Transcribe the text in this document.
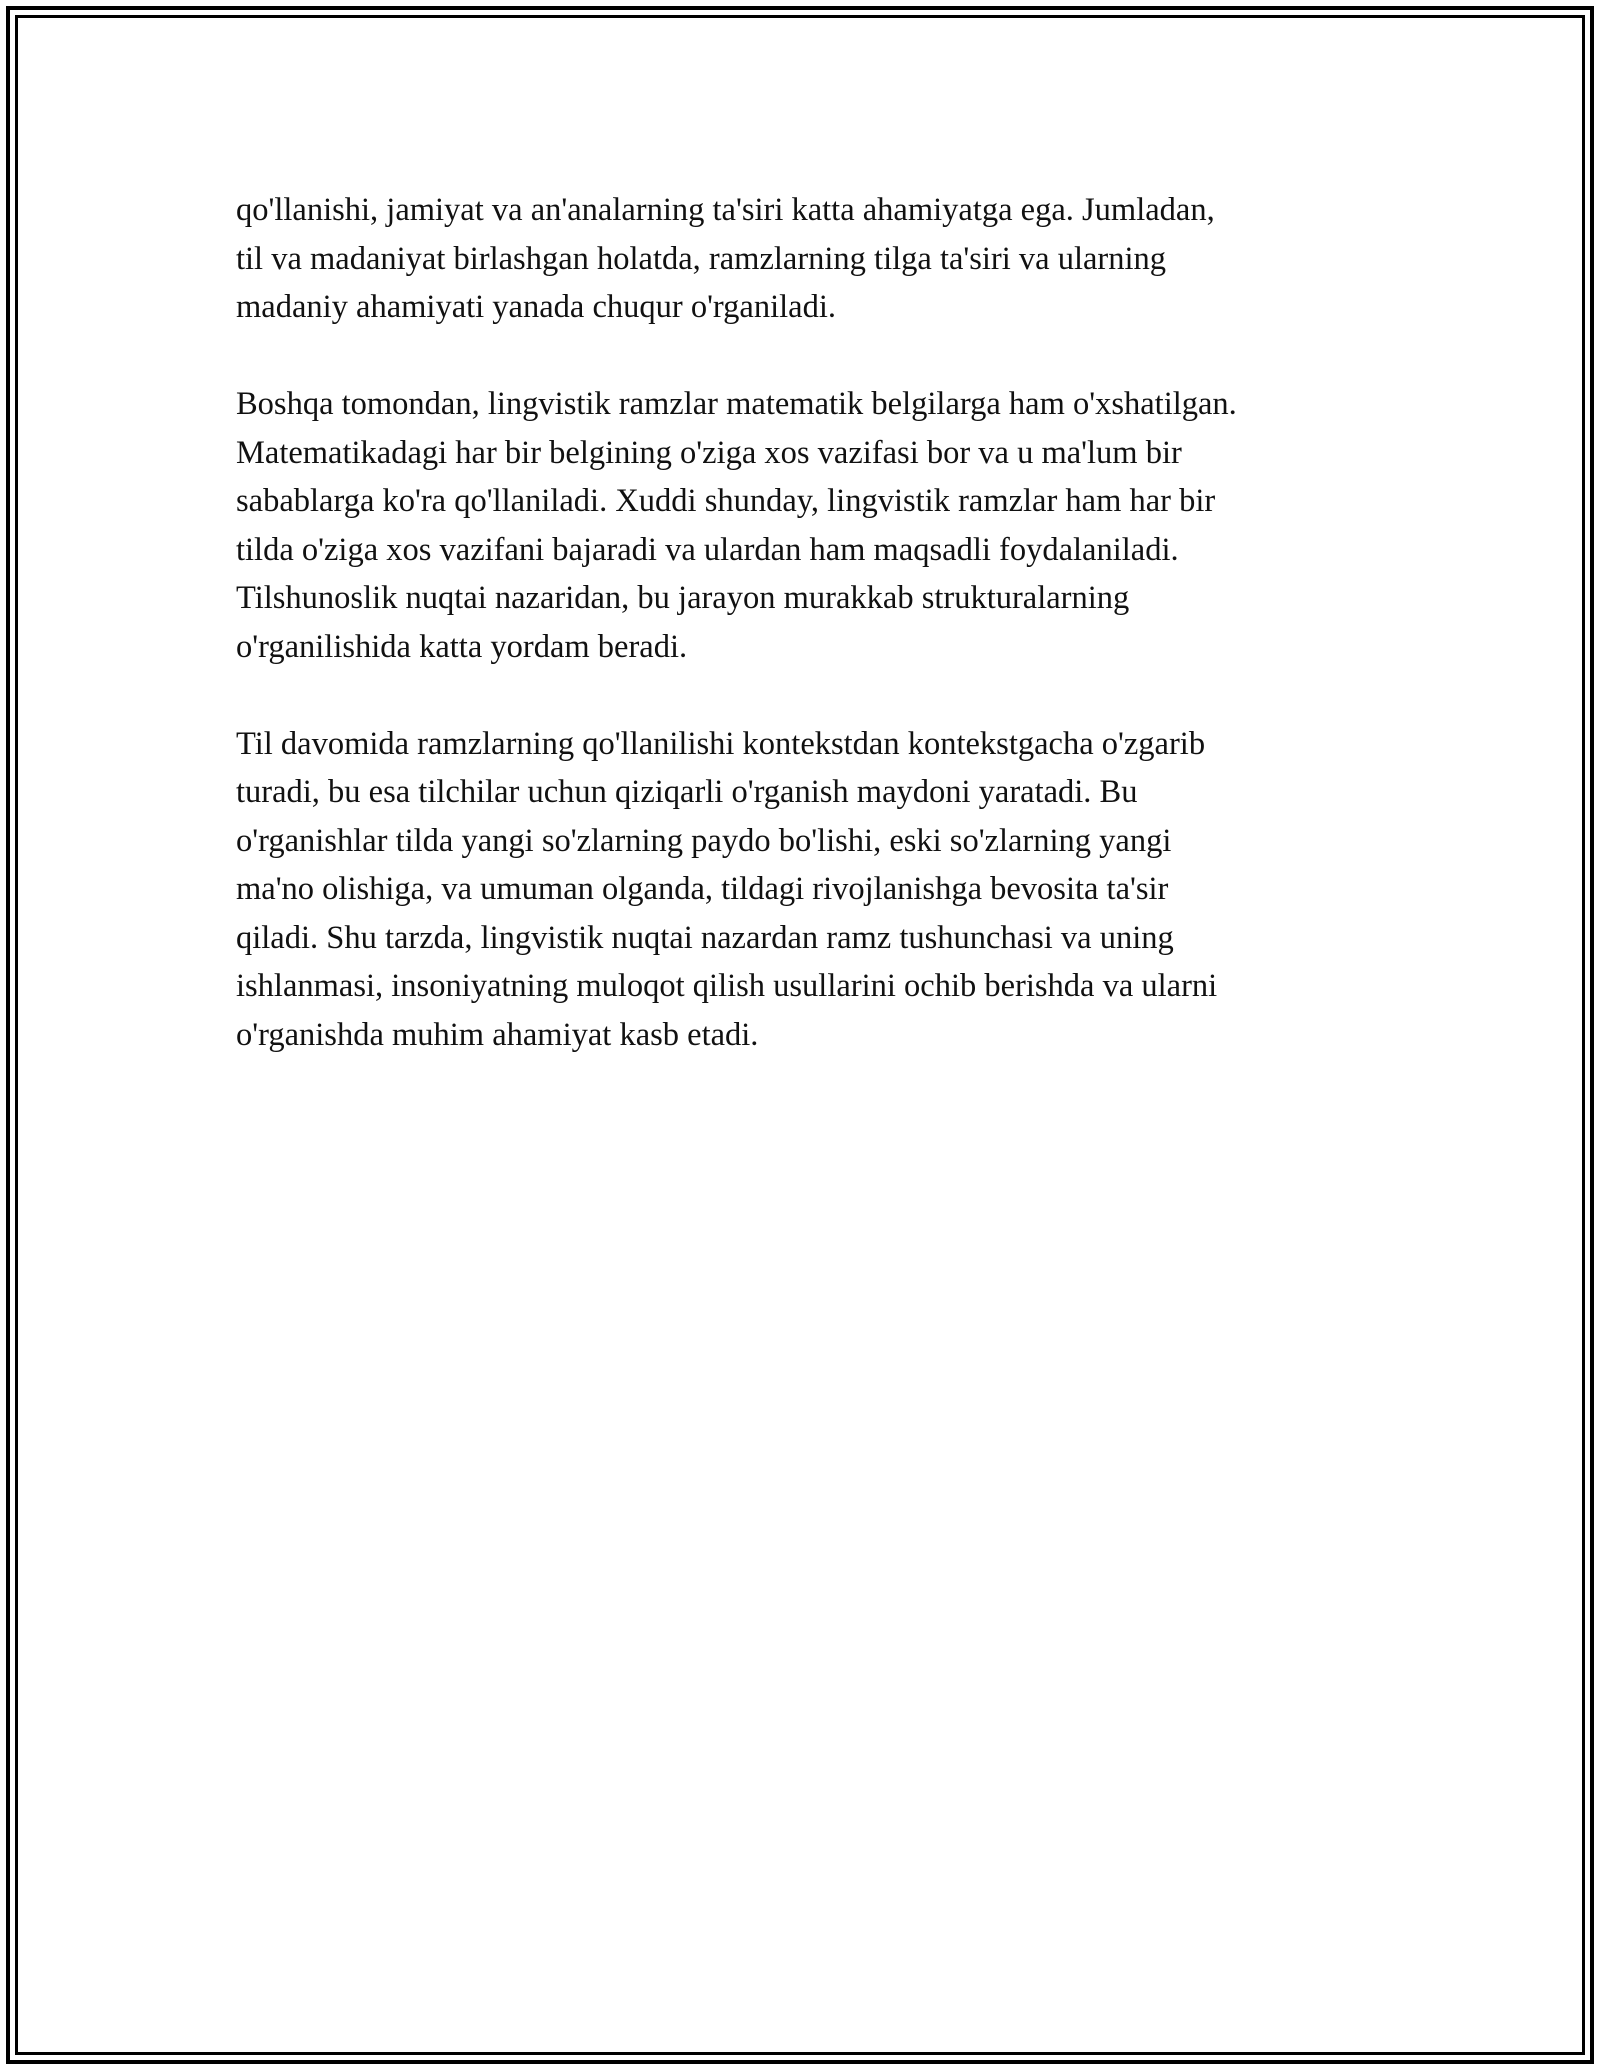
qo'llanishi, jamiyat va an'analarning ta'siri katta ahamiyatga ega. Jumladan,
til va madaniyat birlashgan holatda, ramzlarning tilga ta'siri va ularning
madaniy ahamiyati yanada chuqur o'rganiladi.

Boshqa tomondan, lingvistik ramzlar matematik belgilarga ham o'xshatilgan.
Matematikadagi har bir belgining o'ziga xos vazifasi bor va u ma'lum bir
sabablarga ko'ra qo'llaniladi. Xuddi shunday, lingvistik ramzlar ham har bir
tilda o'ziga xos vazifani bajaradi va ulardan ham maqsadli foydalaniladi.
Tilshunoslik nuqtai nazaridan, bu jarayon murakkab strukturalarning
o'rganilishida katta yordam beradi.

Til davomida ramzlarning qo'llanilishi kontekstdan kontekstgacha o'zgarib
turadi, bu esa tilchilar uchun qiziqarli o'rganish maydoni yaratadi. Bu
o'rganishlar tilda yangi so'zlarning paydo bo'lishi, eski so'zlarning yangi
ma'no olishiga, va umuman olganda, tildagi rivojlanishga bevosita ta'sir
qiladi. Shu tarzda, lingvistik nuqtai nazardan ramz tushunchasi va uning
ishlanmasi, insoniyatning muloqot qilish usullarini ochib berishda va ularni
o'rganishda muhim ahamiyat kasb etadi.
